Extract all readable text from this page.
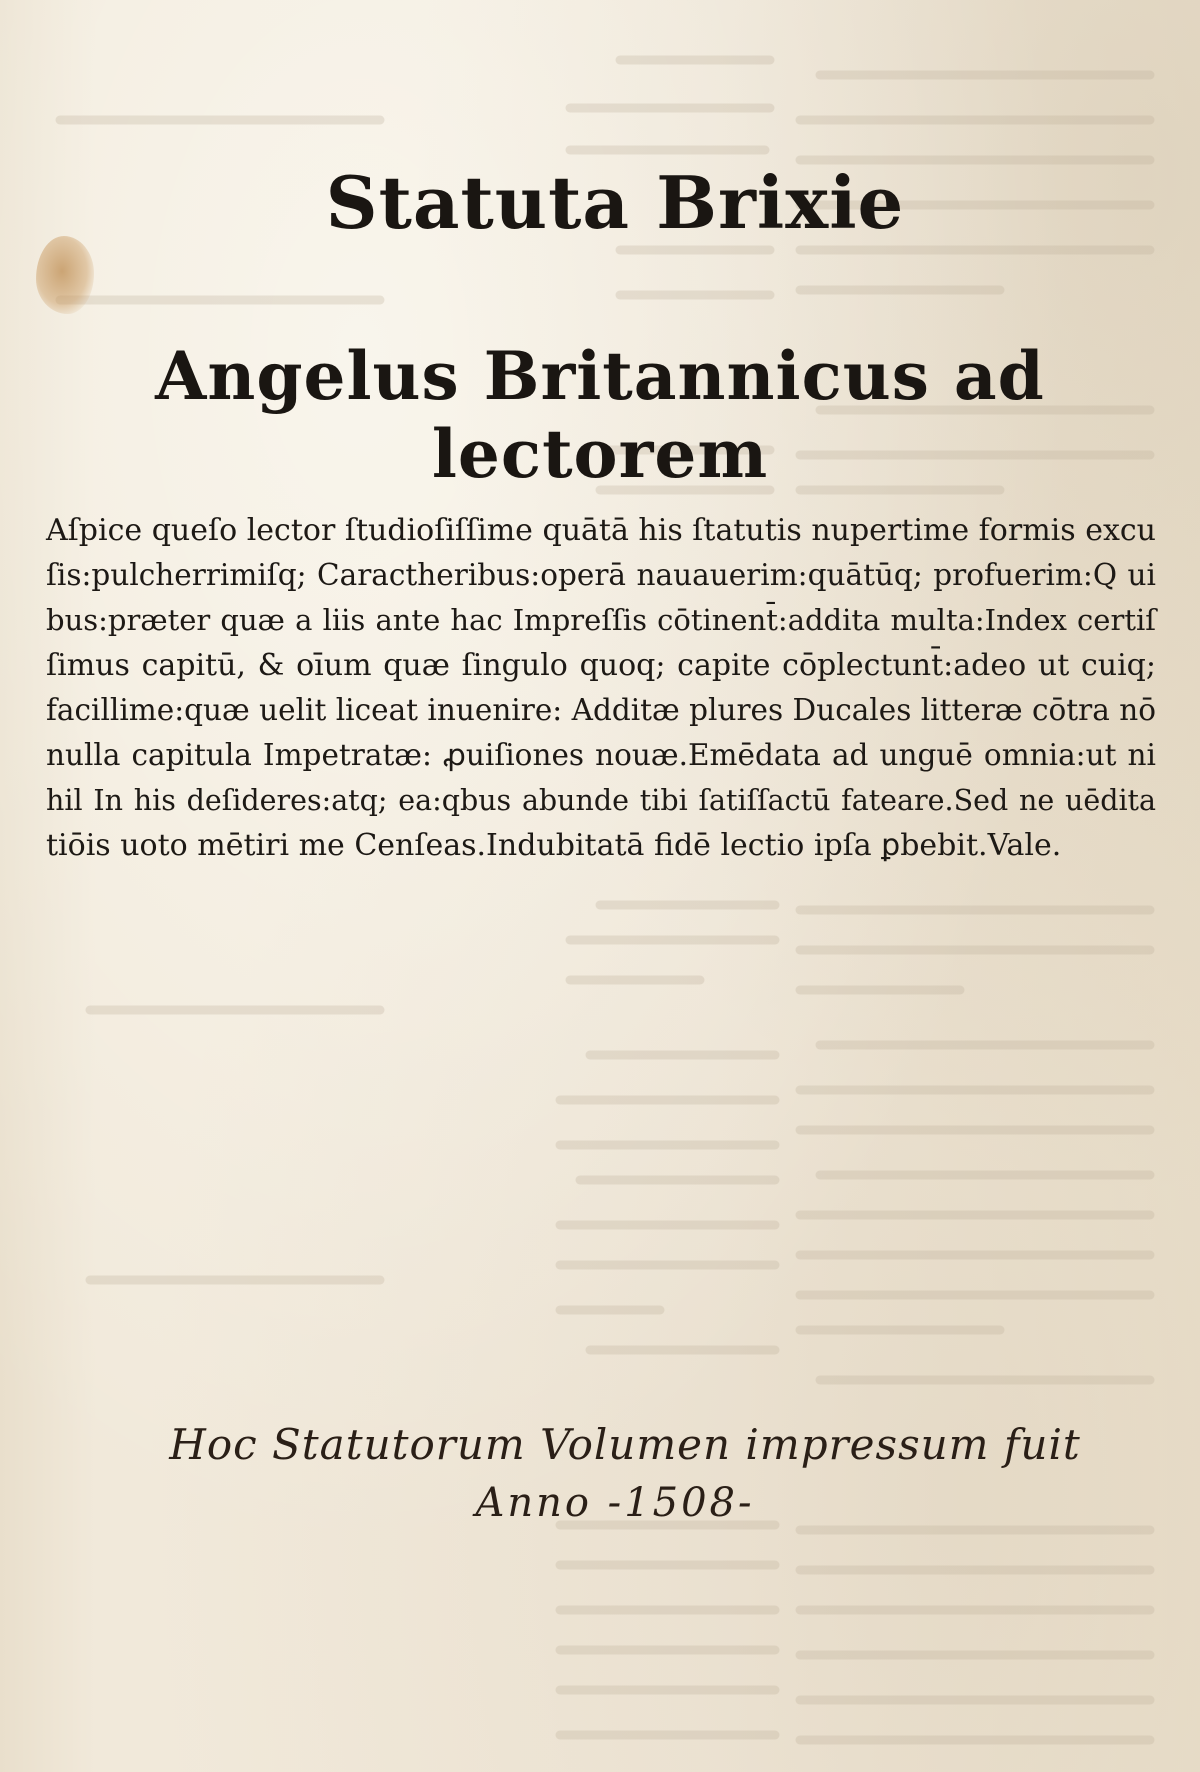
Statuta Brixie
Angelus Britannicus ad lectorem
Aſpice queſo lector ſtudioſiſſime quātā his ſtatutis nupertime formis excu
ſis:pulcherrimiſq; Caractheribus:operā nauauerim:quātūq; profuerim:Q ui
bus:præter quæ a liis ante hac Impreſſis cōtinent̄:addita multa:Index certiſ
ſimus capitū, & oīum quæ ſingulo quoq; capite cōplectunt̄:adeo ut cuiq;
facillime:quæ uelit liceat inuenire: Additæ plures Ducales litteræ cōtra nō
nulla capitula Impetratæ: ꝓuiſiones nouæ.Emēdata ad unguē omnia:ut ni
hil In his deſideres:atq; ea:qbus abunde tibi ſatiſſactū fateare.Sed ne uēdita
tiōis uoto mētiri me Cenſeas.Indubitatā fidē lectio ipſa ꝑbebit.Vale.

Hoc Statutorum Volumen impressum fuit

Anno -1508-
